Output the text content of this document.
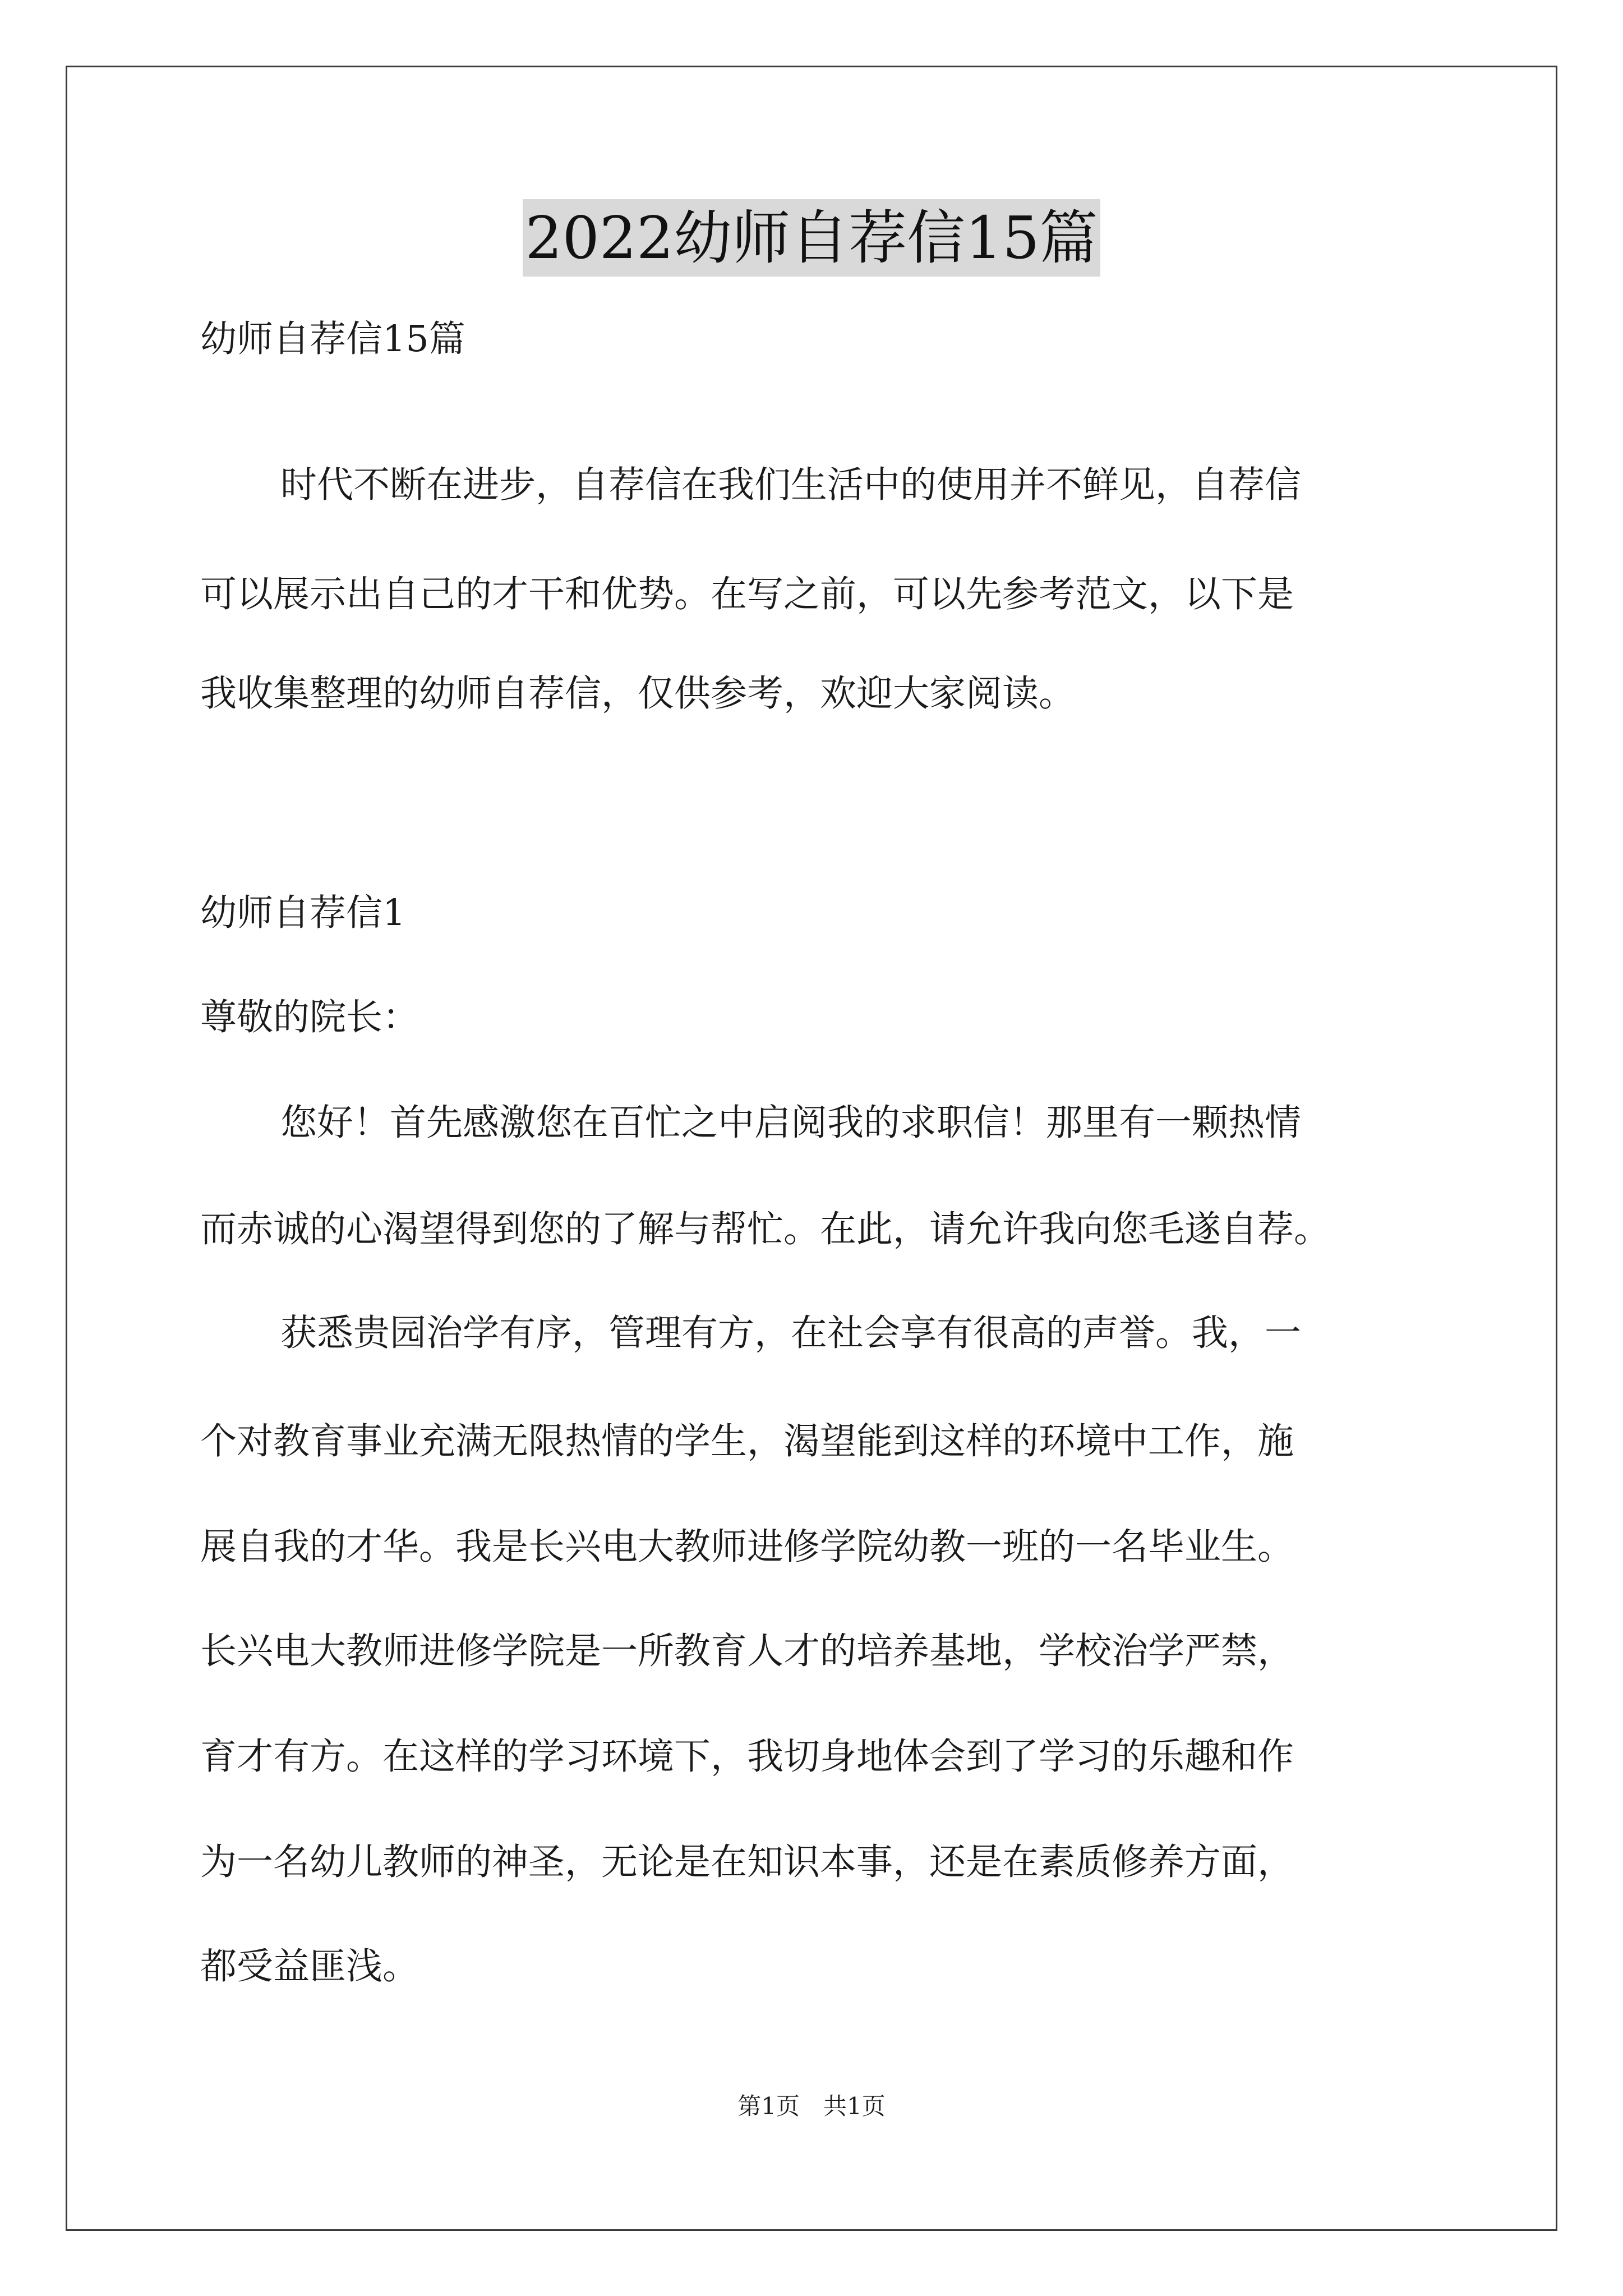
2022幼师自荐信15篇
幼师自荐信15篇
时代不断在进步，自荐信在我们生活中的使用并不鲜见，自荐信
可以展示出自己的才干和优势。在写之前，可以先参考范文，以下是
我收集整理的幼师自荐信，仅供参考，欢迎大家阅读。
幼师自荐信1
尊敬的院长：
您好！首先感激您在百忙之中启阅我的求职信！那里有一颗热情
而赤诚的心渴望得到您的了解与帮忙。在此，请允许我向您毛遂自荐。
获悉贵园治学有序，管理有方，在社会享有很高的声誉。我，一
个对教育事业充满无限热情的学生，渴望能到这样的环境中工作，施
展自我的才华。我是长兴电大教师进修学院幼教一班的一名毕业生。
长兴电大教师进修学院是一所教育人才的培养基地，学校治学严禁，
育才有方。在这样的学习环境下，我切身地体会到了学习的乐趣和作
为一名幼儿教师的神圣，无论是在知识本事，还是在素质修养方面，
都受益匪浅。
第1页　共1页
